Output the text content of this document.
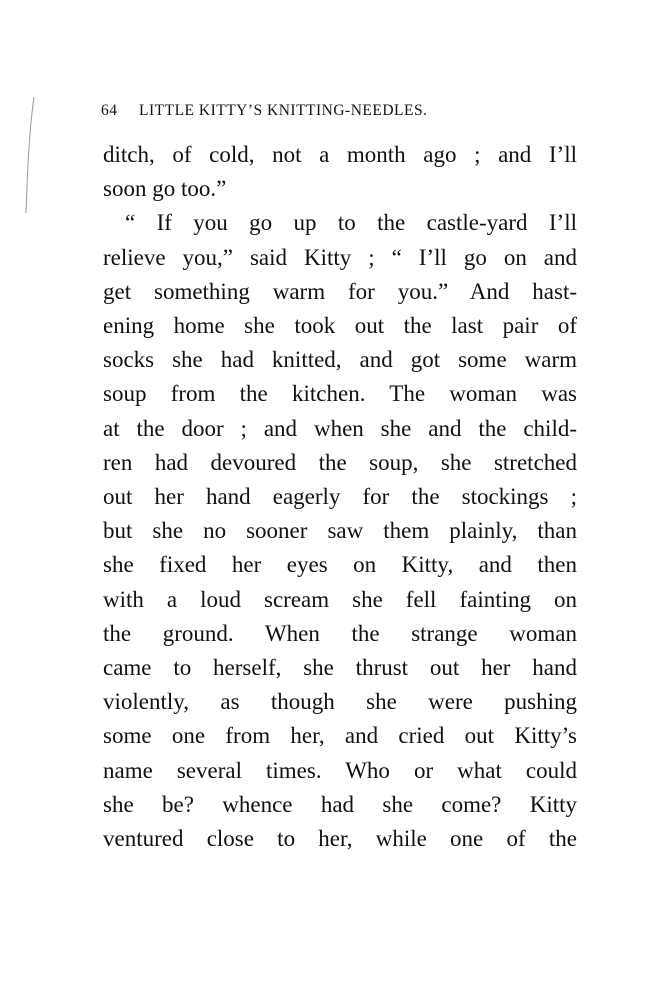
64	LITTLE KITTY’S KNITTING-NEEDLES.

ditch, of cold, not a month ago ; and I’ll
soon go too.”
“ If you go up to the castle-yard I’ll
relieve you,” said Kitty ; “ I’ll go on and
get something warm for you.” And hast-
ening home she took out the last pair of
socks she had knitted, and got some warm
soup from the kitchen. The woman was
at the door ; and when she and the child-
ren had devoured the soup, she stretched
out her hand eagerly for the stockings ;
but she no sooner saw them plainly, than
she fixed her eyes on Kitty, and then
with a loud scream she fell fainting on
the ground. When the strange woman
came to herself, she thrust out her hand
violently, as though she were pushing
some one from her, and cried out Kitty’s
name several times. Who or what could
she be? whence had she come? Kitty
ventured close to her, while one of the
